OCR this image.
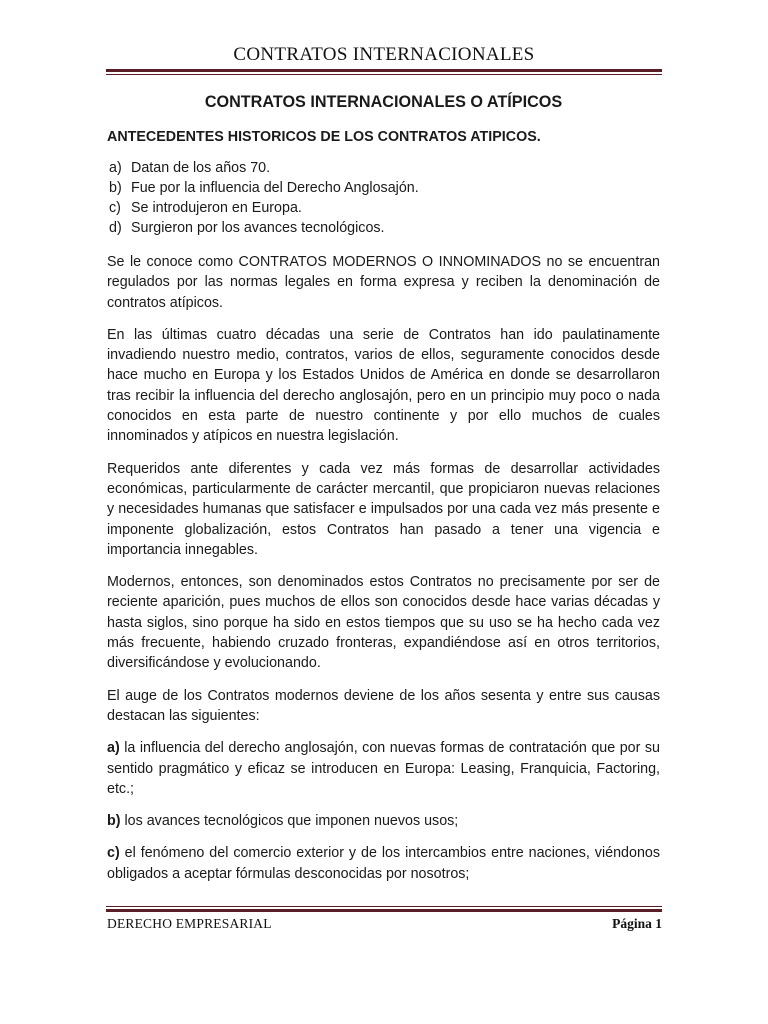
CONTRATOS INTERNACIONALES
CONTRATOS INTERNACIONALES O ATÍPICOS
ANTECEDENTES HISTORICOS DE LOS CONTRATOS ATIPICOS.
a) Datan de los años 70.
b) Fue por la influencia del Derecho Anglosajón.
c) Se introdujeron en Europa.
d) Surgieron por los avances tecnológicos.

Se le conoce como CONTRATOS MODERNOS O INNOMINADOS no se encuentran regulados por las normas legales en forma expresa y reciben la denominación de contratos atípicos.

En las últimas cuatro décadas una serie de Contratos han ido paulatinamente invadiendo nuestro medio, contratos, varios de ellos, seguramente conocidos desde hace mucho en Europa y los Estados Unidos de América en donde se desarrollaron tras recibir la influencia del derecho anglosajón, pero en un principio muy poco o nada conocidos en esta parte de nuestro continente y por ello muchos de cuales innominados y atípicos en nuestra legislación.

Requeridos ante diferentes y cada vez más formas de desarrollar actividades económicas, particularmente de carácter mercantil, que propiciaron nuevas relaciones y necesidades humanas que satisfacer e impulsados por una cada vez más presente e imponente globalización, estos Contratos han pasado a tener una vigencia e importancia innegables.

Modernos, entonces, son denominados estos Contratos no precisamente por ser de reciente aparición, pues muchos de ellos son conocidos desde hace varias décadas y hasta siglos, sino porque ha sido en estos tiempos que su uso se ha hecho cada vez más frecuente, habiendo cruzado fronteras, expandiéndose así en otros territorios, diversificándose y evolucionando.

El auge de los Contratos modernos deviene de los años sesenta y entre sus causas destacan las siguientes:

a) la influencia del derecho anglosajón, con nuevas formas de contratación que por su sentido pragmático y eficaz se introducen en Europa: Leasing, Franquicia, Factoring, etc.;

b) los avances tecnológicos que imponen nuevos usos;

c) el fenómeno del comercio exterior y de los intercambios entre naciones, viéndonos obligados a aceptar fórmulas desconocidas por nosotros;

DERECHO EMPRESARIAL	Página 1
